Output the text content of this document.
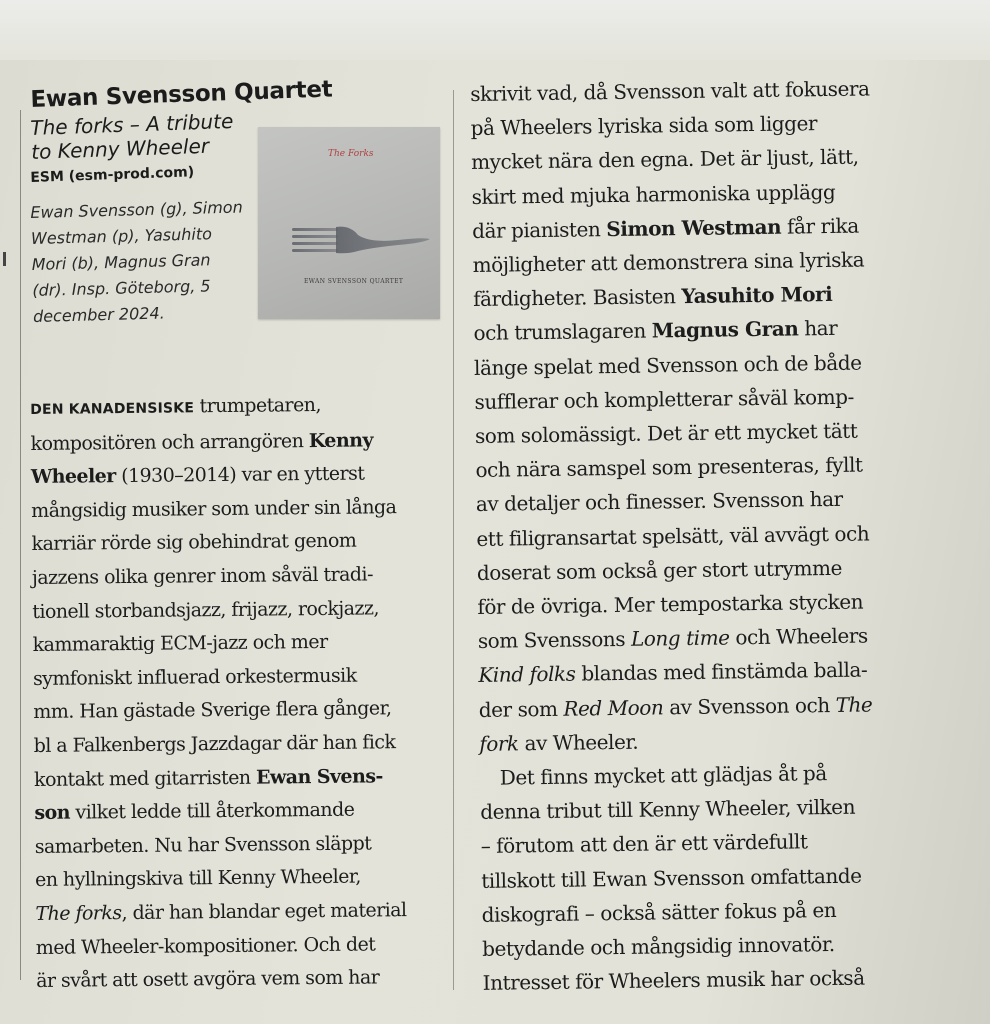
Ewan Svensson Quartet
The forks – A tribute
to Kenny Wheeler
ESM (esm-prod.com)
Ewan Svensson (g), Simon
Westman (p), Yasuhito
Mori (b), Magnus Gran
(dr). Insp. Göteborg, 5
december 2024.
The Forks
EWAN SVENSSON QUARTET
DEN KANADENSISKE trumpetaren,
kompositören och arrangören Kenny
Wheeler (1930–2014) var en ytterst
mångsidig musiker som under sin långa
karriär rörde sig obehindrat genom
jazzens olika genrer inom såväl tradi-
tionell storbandsjazz, frijazz, rockjazz,
kammaraktig ECM-jazz och mer
symfoniskt influerad orkestermusik
mm. Han gästade Sverige flera gånger,
bl a Falkenbergs Jazzdagar där han fick
kontakt med gitarristen Ewan Svens-
son vilket ledde till återkommande
samarbeten. Nu har Svensson släppt
en hyllningskiva till Kenny Wheeler,
The forks, där han blandar eget material
med Wheeler-kompositioner. Och det
är svårt att osett avgöra vem som har
skrivit vad, då Svensson valt att fokusera
på Wheelers lyriska sida som ligger
mycket nära den egna. Det är ljust, lätt,
skirt med mjuka harmoniska upplägg
där pianisten Simon Westman får rika
möjligheter att demonstrera sina lyriska
färdigheter. Basisten Yasuhito Mori
och trumslagaren Magnus Gran har
länge spelat med Svensson och de både
sufflerar och kompletterar såväl komp-
som solomässigt. Det är ett mycket tätt
och nära samspel som presenteras, fyllt
av detaljer och finesser. Svensson har
ett filigransartat spelsätt, väl avvägt och
doserat som också ger stort utrymme
för de övriga. Mer tempostarka stycken
som Svenssons Long time och Wheelers
Kind folks blandas med finstämda balla-
der som Red Moon av Svensson och The
fork av Wheeler.
Det finns mycket att glädjas åt på
denna tribut till Kenny Wheeler, vilken
– förutom att den är ett värdefullt
tillskott till Ewan Svensson omfattande
diskografi – också sätter fokus på en
betydande och mångsidig innovatör.
Intresset för Wheelers musik har också
